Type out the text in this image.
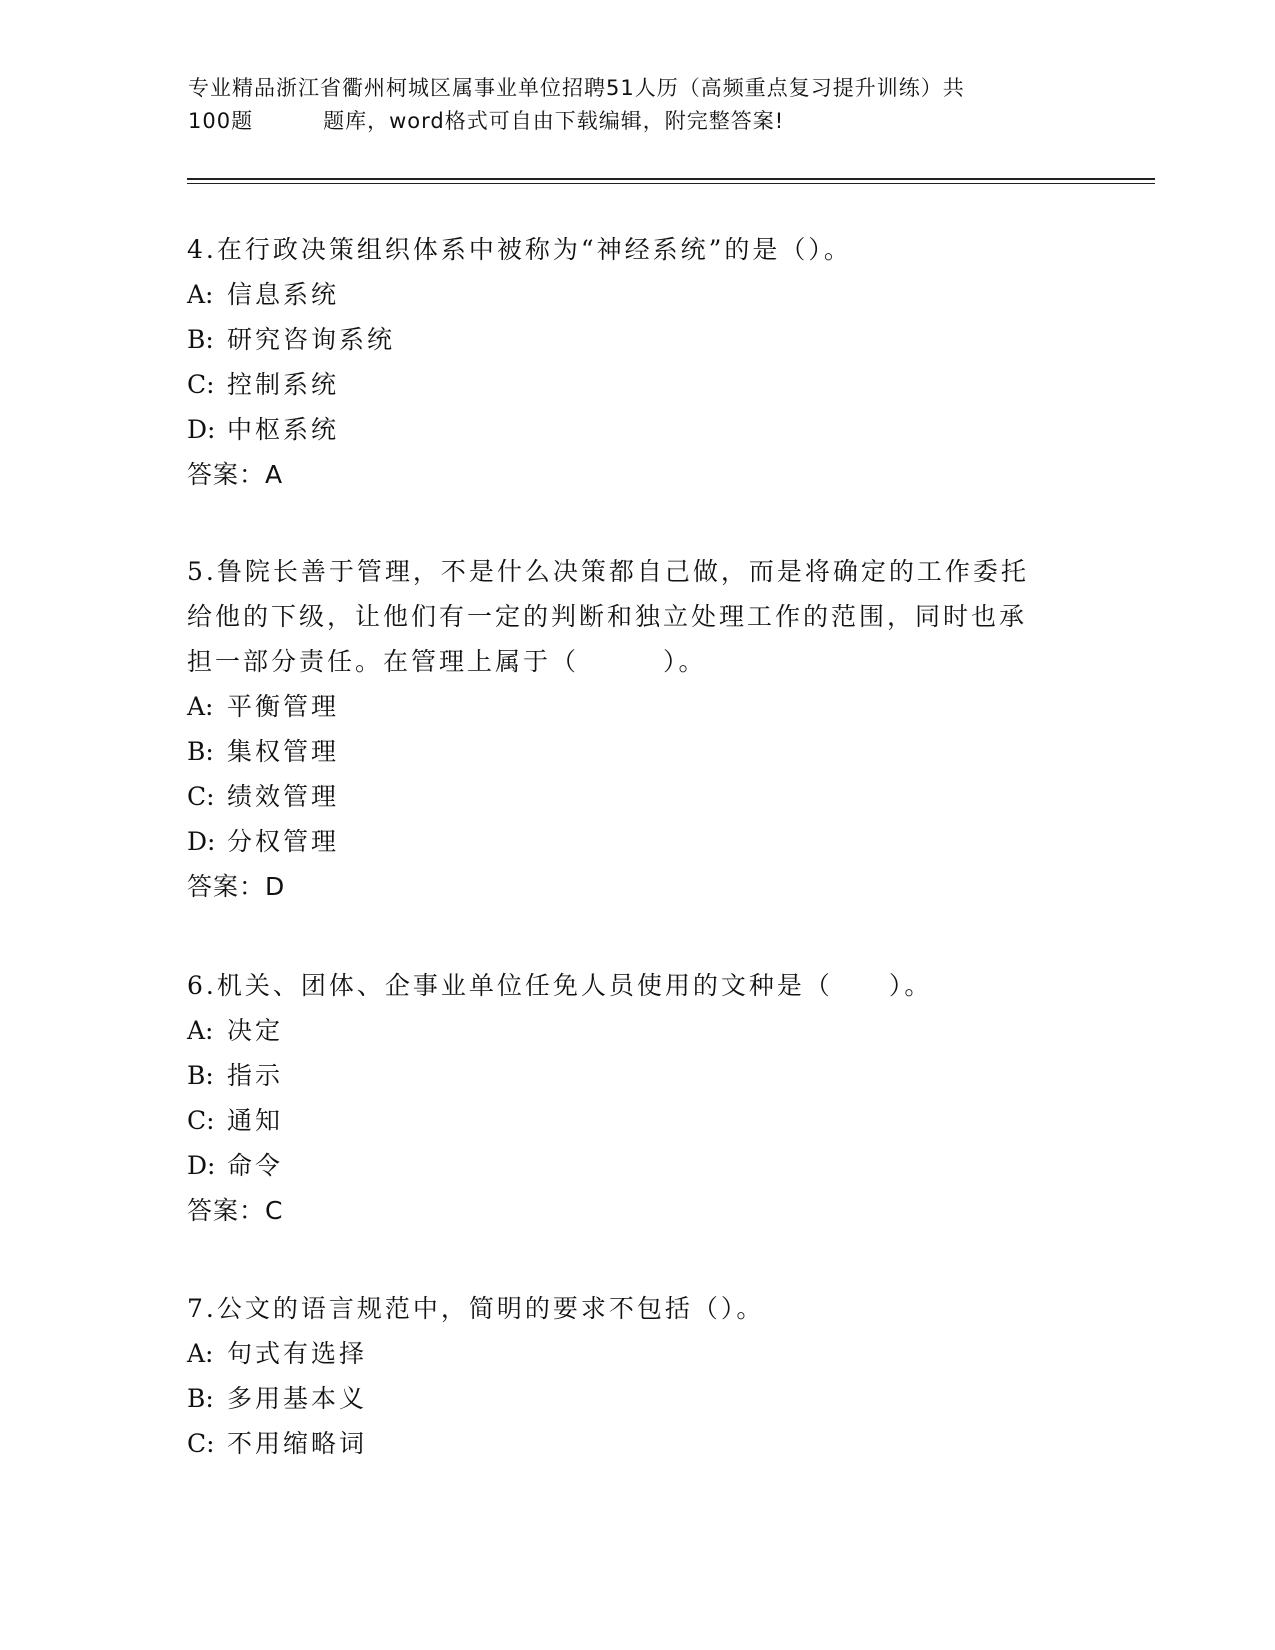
专业精品浙江省衢州柯城区属事业单位招聘51人历（高频重点复习提升训练）共
100题	题库，word格式可自由下载编辑，附完整答案!

4.在行政决策组织体系中被称为“神经系统”的是（）。

A: 信息系统

B: 研究咨询系统

C: 控制系统

D: 中枢系统

答案：A

5.鲁院长善于管理，不是什么决策都自己做，而是将确定的工作委托

给他的下级，让他们有一定的判断和独立处理工作的范围，同时也承

担一部分责任。在管理上属于（　　　）。

A: 平衡管理

B: 集权管理

C: 绩效管理

D: 分权管理

答案：D

6.机关、团体、企事业单位任免人员使用的文种是（　　）。

A: 决定

B: 指示

C: 通知

D: 命令

答案：C

7.公文的语言规范中，简明的要求不包括（）。

A: 句式有选择

B: 多用基本义

C: 不用缩略词
